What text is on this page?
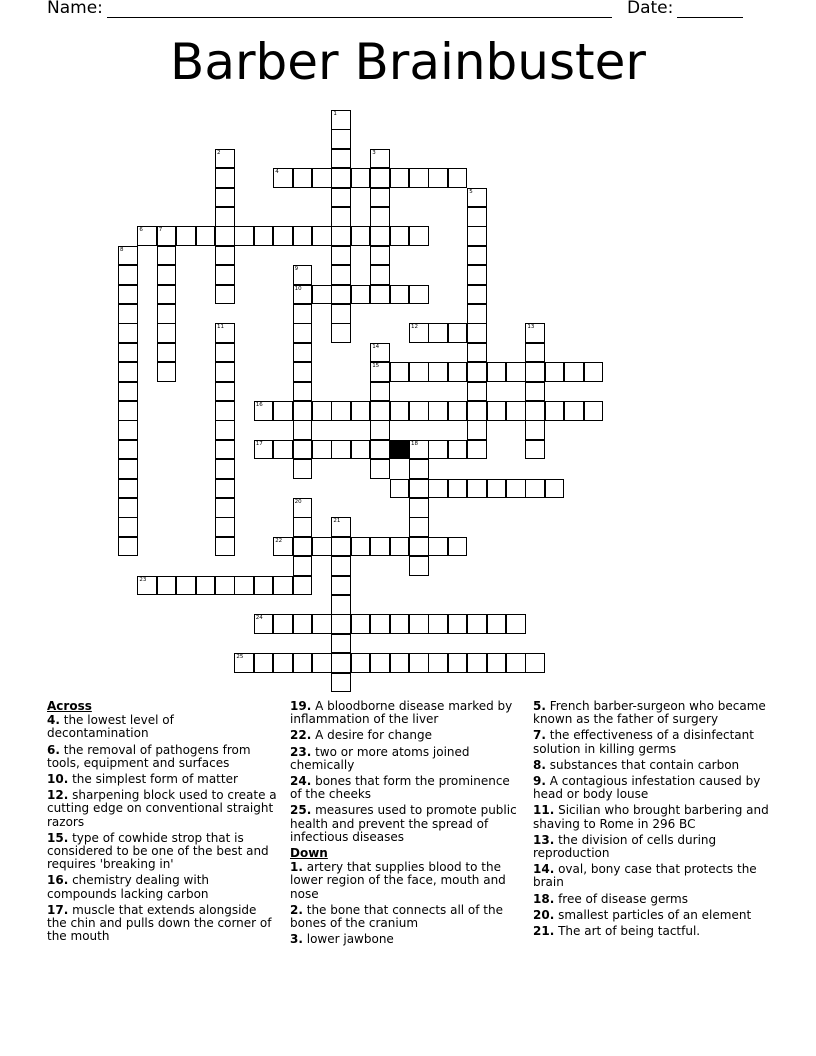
Name:	Date:
Barber Brainbuster
1
2	3
4
5
6	7
8
9
10
11	12	13
14
15
16
17	18
20
21
22
23
24
25
Across
4. the lowest level of decontamination
6. the removal of pathogens from tools, equipment and surfaces
10. the simplest form of matter
12. sharpening block used to create a cutting edge on conventional straight razors
15. type of cowhide strop that is considered to be one of the best and requires 'breaking in'
16. chemistry dealing with compounds lacking carbon
17. muscle that extends alongside the chin and pulls down the corner of the mouth
19. A bloodborne disease marked by inflammation of the liver
22. A desire for change
23. two or more atoms joined chemically
24. bones that form the prominence of the cheeks
25. measures used to promote public health and prevent the spread of infectious diseases
Down
1. artery that supplies blood to the lower region of the face, mouth and nose
2. the bone that connects all of the bones of the cranium
3. lower jawbone
5. French barber-surgeon who became known as the father of surgery
7. the effectiveness of a disinfectant solution in killing germs
8. substances that contain carbon
9. A contagious infestation caused by head or body louse
11. Sicilian who brought barbering and shaving to Rome in 296 BC
13. the division of cells during reproduction
14. oval, bony case that protects the brain
18. free of disease germs
20. smallest particles of an element
21. The art of being tactful.
